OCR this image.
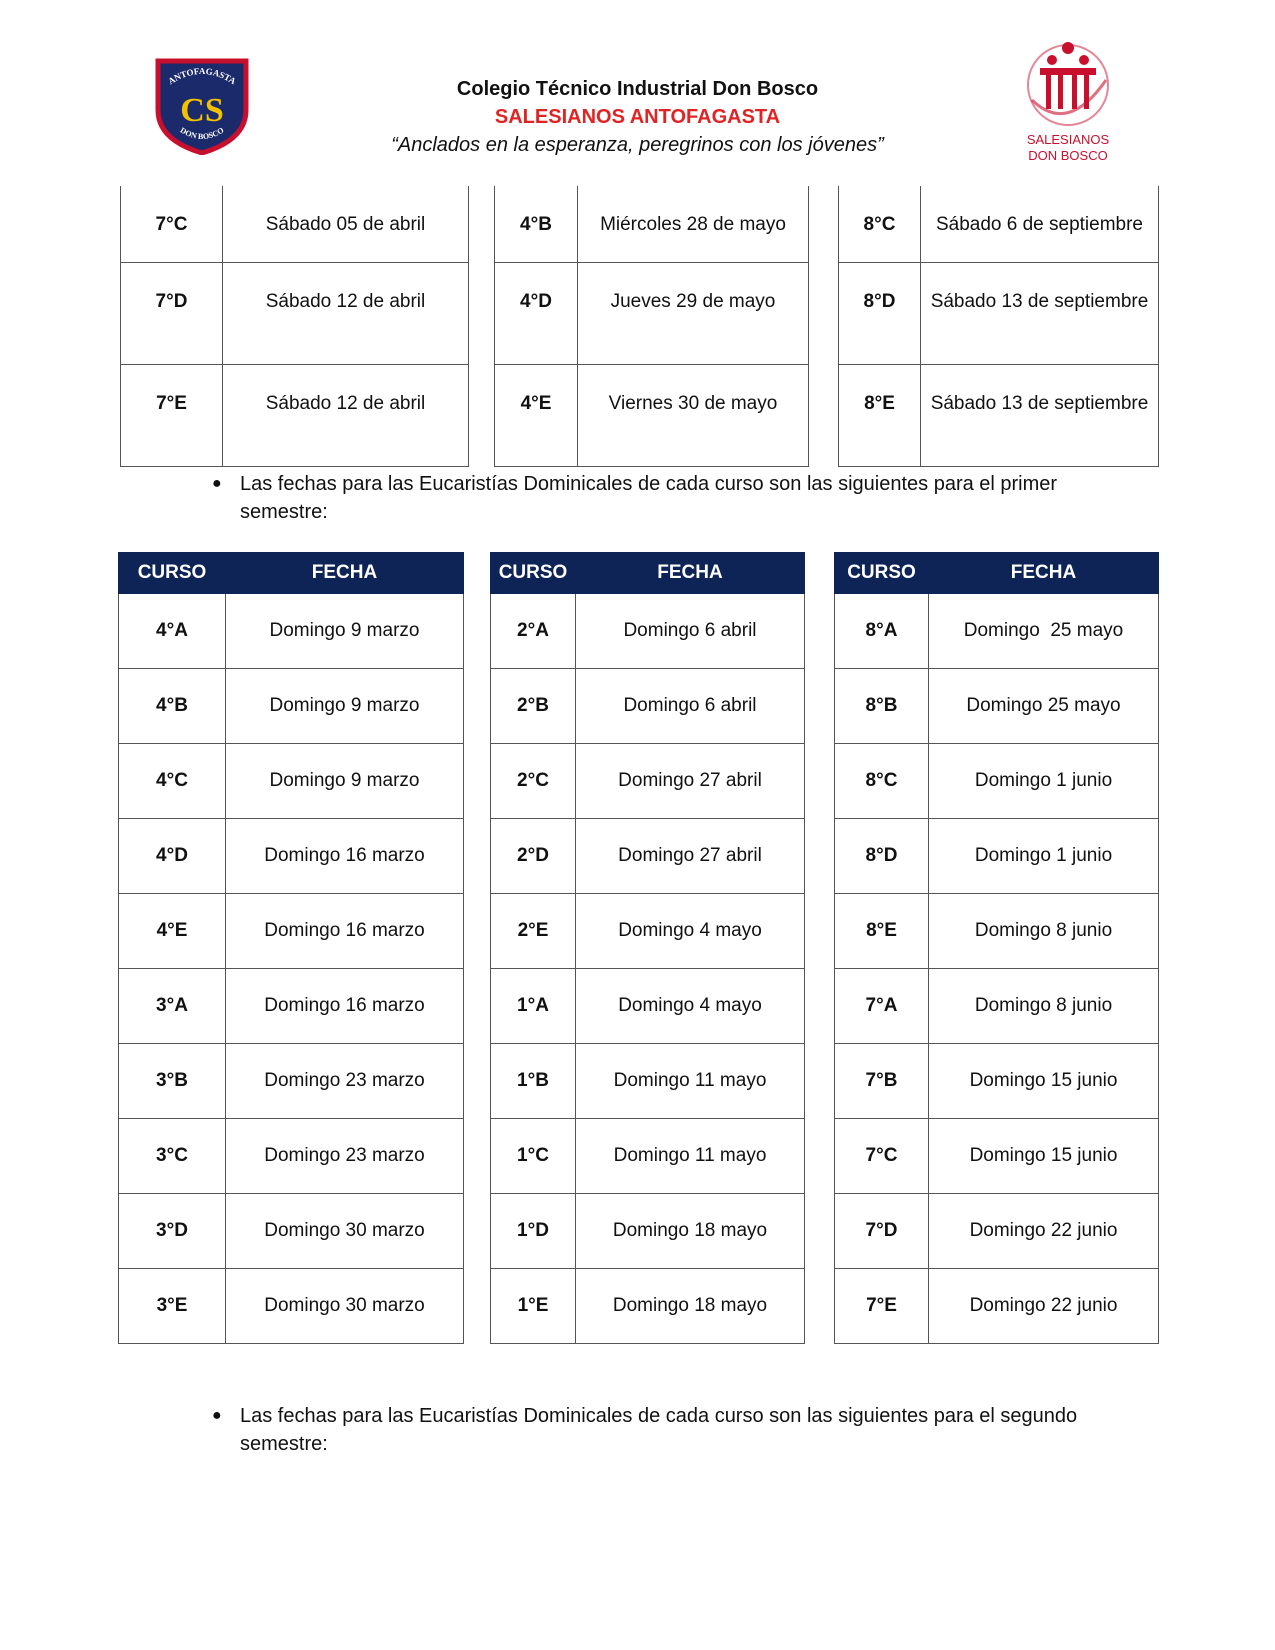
ANTOFAGASTA
CS
DON BOSCO
Colegio Técnico Industrial Don Bosco
SALESIANOS ANTOFAGASTA
“Anclados en la esperanza, peregrinos con los jóvenes”	SALESIANOS
DON BOSCO
7°C	Sábado 05 de abril
7°D	Sábado 12 de abril
7°E	Sábado 12 de abril
4°B	Miércoles 28 de mayo
4°D	Jueves 29 de mayo
4°E	Viernes 30 de mayo
8°C	Sábado 6 de septiembre
8°D	Sábado 13 de septiembre
8°E	Sábado 13 de septiembre
● Las fechas para las Eucaristías Dominicales de cada curso son las siguientes para el primer semestre:
CURSO	FECHA
4°A	Domingo 9 marzo
4°B	Domingo 9 marzo
4°C	Domingo 9 marzo
4°D	Domingo 16 marzo
4°E	Domingo 16 marzo
3°A	Domingo 16 marzo
3°B	Domingo 23 marzo
3°C	Domingo 23 marzo
3°D	Domingo 30 marzo
3°E	Domingo 30 marzo
CURSO	FECHA
2°A	Domingo 6 abril
2°B	Domingo 6 abril
2°C	Domingo 27 abril
2°D	Domingo 27 abril
2°E	Domingo 4 mayo
1°A	Domingo 4 mayo
1°B	Domingo 11 mayo
1°C	Domingo 11 mayo
1°D	Domingo 18 mayo
1°E	Domingo 18 mayo
CURSO	FECHA
8°A	Domingo  25 mayo
8°B	Domingo 25 mayo
8°C	Domingo 1 junio
8°D	Domingo 1 junio
8°E	Domingo 8 junio
7°A	Domingo 8 junio
7°B	Domingo 15 junio
7°C	Domingo 15 junio
7°D	Domingo 22 junio
7°E	Domingo 22 junio
● Las fechas para las Eucaristías Dominicales de cada curso son las siguientes para el segundo semestre:
